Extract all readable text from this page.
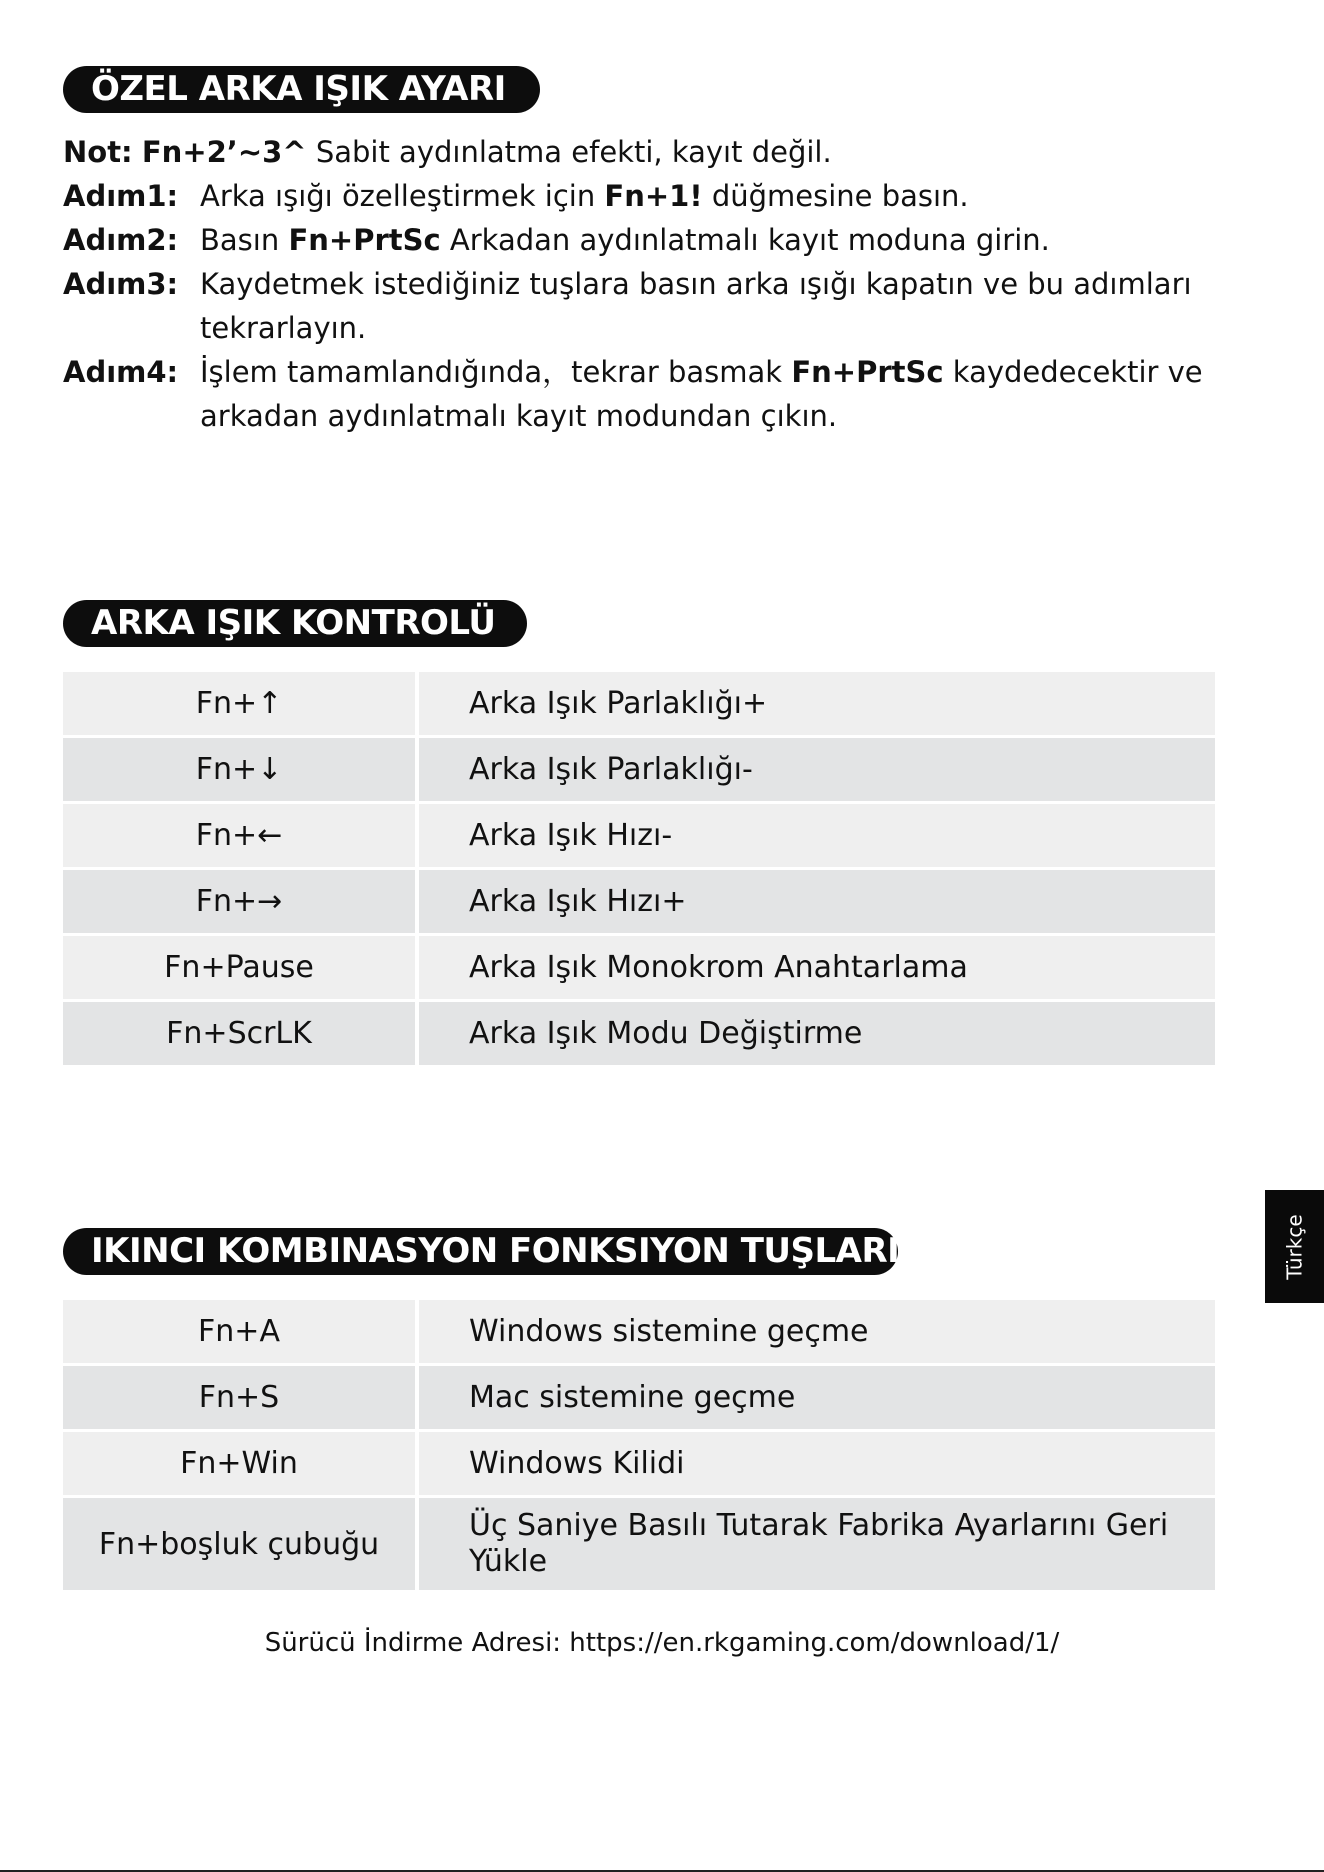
ÖZEL ARKA IŞIK AYARI
Not: Fn+2’~3^ Sabit aydınlatma efekti, kayıt değil.
Adım1: Arka ışığı özelleştirmek için Fn+1! düğmesine basın.
Adım2: Basın Fn+PrtSc Arkadan aydınlatmalı kayıt moduna girin.
Adım3: Kaydetmek istediğiniz tuşlara basın arka ışığı kapatın ve bu adımları tekrarlayın.
Adım4: İşlem tamamlandığında，tekrar basmak Fn+PrtSc kaydedecektir ve arkadan aydınlatmalı kayıt modundan çıkın.
ARKA IŞIK KONTROLÜ
Fn+↑	Arka Işık Parlaklığı+
Fn+↓	Arka Işık Parlaklığı-
Fn+←	Arka Işık Hızı-
Fn+→	Arka Işık Hızı+
Fn+Pause	Arka Işık Monokrom Anahtarlama
Fn+ScrLK	Arka Işık Modu Değiştirme
IKINCI KOMBINASYON FONKSIYON TUŞLARI
Fn+A	Windows sistemine geçme
Fn+S	Mac sistemine geçme
Fn+Win	Windows Kilidi
Fn+boşluk çubuğu	Üç Saniye Basılı Tutarak Fabrika Ayarlarını Geri Yükle
Sürücü İndirme Adresi: https://en.rkgaming.com/download/1/
Türkçe
